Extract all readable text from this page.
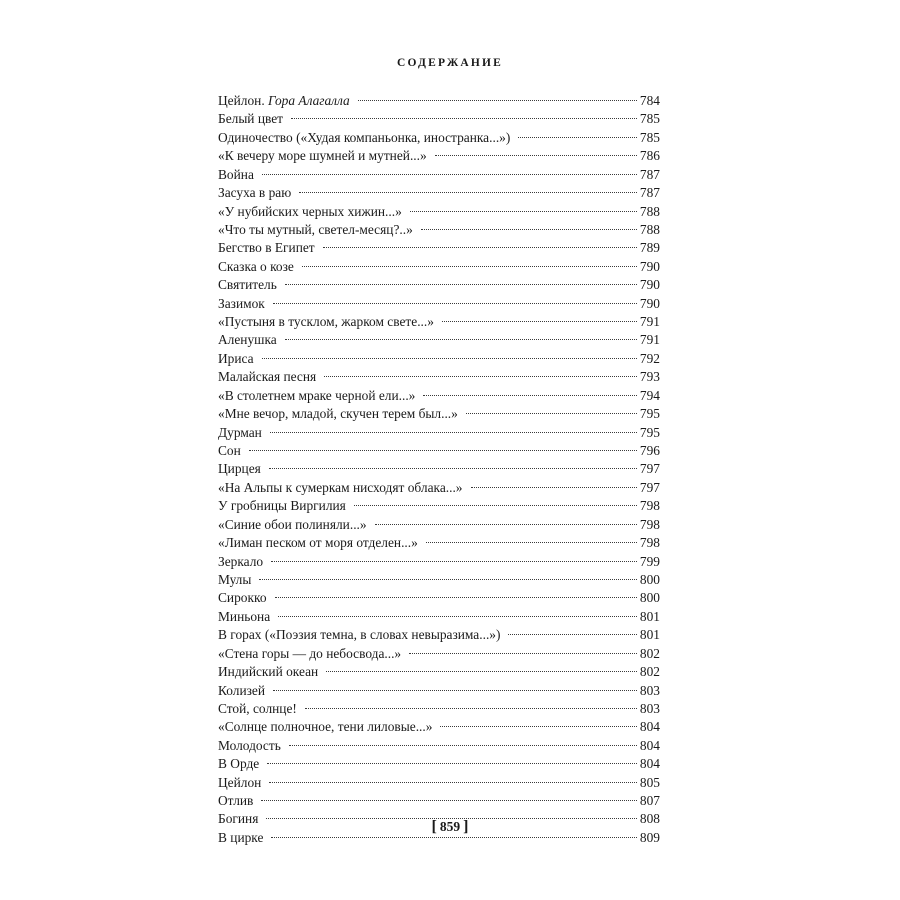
СОДЕРЖАНИЕ
Цейлон. Гора Алагалла	784
Белый цвет	785
Одиночество («Худая компаньонка, иностранка...»)	785
«К вечеру море шумней и мутней...»	786
Война	787
Засуха в раю	787
«У нубийских черных хижин...»	788
«Что ты мутный, светел-месяц?..»	788
Бегство в Египет	789
Сказка о козе	790
Святитель	790
Зазимок	790
«Пустыня в тусклом, жарком свете...»	791
Аленушка	791
Ириса	792
Малайская песня	793
«В столетнем мраке черной ели...»	794
«Мне вечор, младой, скучен терем был...»	795
Дурман	795
Сон	796
Цирцея	797
«На Альпы к сумеркам нисходят облака...»	797
У гробницы Виргилия	798
«Синие обои полиняли...»	798
«Лиман песком от моря отделен...»	798
Зеркало	799
Мулы	800
Сирокко	800
Миньона	801
В горах («Поэзия темна, в словах невыразима...»)	801
«Стена горы — до небосвода...»	802
Индийский океан	802
Колизей	803
Стой, солнце!	803
«Солнце полночное, тени лиловые...»	804
Молодость	804
В Орде	804
Цейлон	805
Отлив	807
Богиня	808
В цирке	809
[ 859 ]
